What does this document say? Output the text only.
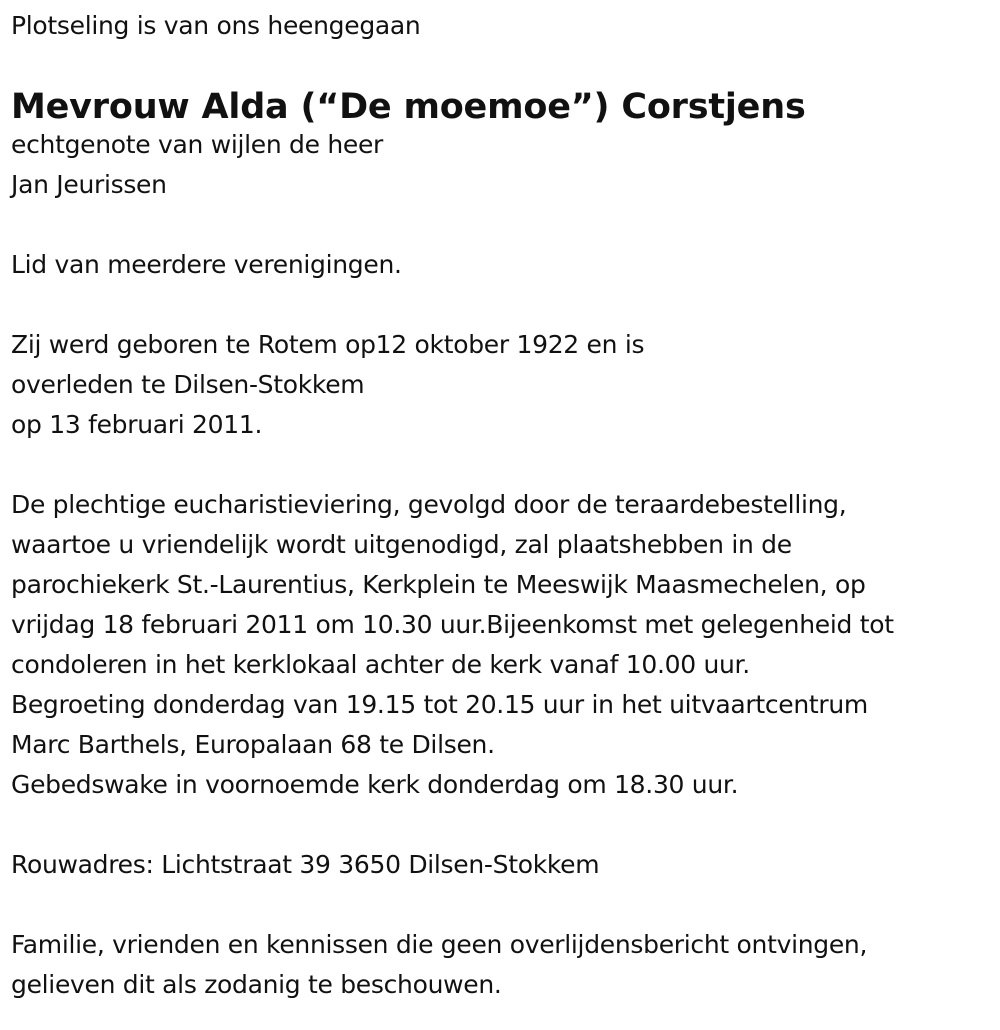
Plotseling is van ons heengegaan
Mevrouw Alda (“De moemoe”) Corstjens
echtgenote van wijlen de heer
Jan Jeurissen
Lid van meerdere verenigingen.
Zij werd geboren te Rotem op12 oktober 1922 en is
overleden te Dilsen-Stokkem
op 13 februari 2011.
De plechtige eucharistieviering, gevolgd door de teraardebestelling,
waartoe u vriendelijk wordt uitgenodigd, zal plaatshebben in de
parochiekerk St.-Laurentius, Kerkplein te Meeswijk Maasmechelen, op
vrijdag 18 februari 2011 om 10.30 uur.Bijeenkomst met gelegenheid tot
condoleren in het kerklokaal achter de kerk vanaf 10.00 uur.
Begroeting donderdag van 19.15 tot 20.15 uur in het uitvaartcentrum
Marc Barthels, Europalaan 68 te Dilsen.
Gebedswake in voornoemde kerk donderdag om 18.30 uur.
Rouwadres: Lichtstraat 39 3650 Dilsen-Stokkem
Familie, vrienden en kennissen die geen overlijdensbericht ontvingen,
gelieven dit als zodanig te beschouwen.
